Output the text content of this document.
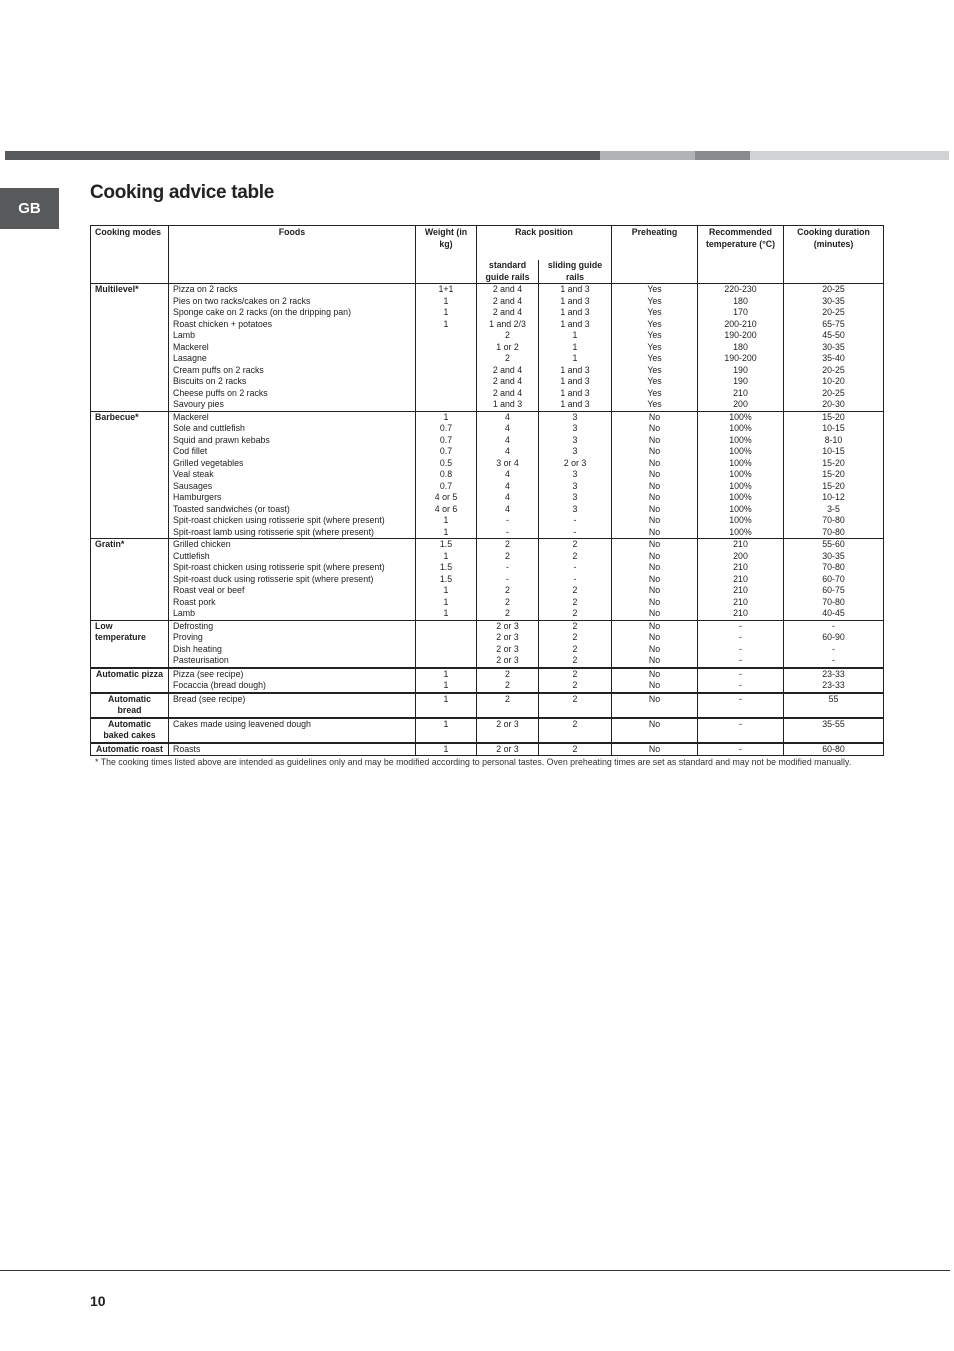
GB
Cooking advice table
Cooking modes	Foods	Weight (in kg)	Rack position		Preheating	Recommended temperature (°C)	Cooking duration (minutes)
			standard guide rails	sliding guide rails			
Multilevel*	Pizza on 2 racks	1+1	2 and 4	1 and 3	Yes	220-230	20-25
	Pies on two racks/cakes on 2 racks	1	2 and 4	1 and 3	Yes	180	30-35
	Sponge cake on 2 racks (on the dripping pan)	1	2 and 4	1 and 3	Yes	170	20-25
	Roast chicken + potatoes	1	1 and 2/3	1 and 3	Yes	200-210	65-75
	Lamb		2	1	Yes	190-200	45-50
	Mackerel		1 or 2	1	Yes	180	30-35
	Lasagne		2	1	Yes	190-200	35-40
	Cream puffs on 2 racks		2 and 4	1 and 3	Yes	190	20-25
	Biscuits on 2 racks		2 and 4	1 and 3	Yes	190	10-20
	Cheese puffs on 2 racks		2 and 4	1 and 3	Yes	210	20-25
	Savoury pies		1 and 3	1 and 3	Yes	200	20-30
Barbecue*	Mackerel	1	4	3	No	100%	15-20
	Sole and cuttlefish	0.7	4	3	No	100%	10-15
	Squid and prawn kebabs	0.7	4	3	No	100%	8-10
	Cod fillet	0.7	4	3	No	100%	10-15
	Grilled vegetables	0.5	3 or 4	2 or 3	No	100%	15-20
	Veal steak	0.8	4	3	No	100%	15-20
	Sausages	0.7	4	3	No	100%	15-20
	Hamburgers	4 or 5	4	3	No	100%	10-12
	Toasted sandwiches (or toast)	4 or 6	4	3	No	100%	3-5
	Spit-roast chicken using rotisserie spit (where present)	1	-	-	No	100%	70-80
	Spit-roast lamb using rotisserie spit (where present)	1	-	-	No	100%	70-80
Gratin*	Grilled chicken	1.5	2	2	No	210	55-60
	Cuttlefish	1	2	2	No	200	30-35
	Spit-roast chicken using rotisserie spit (where present)	1.5	-	-	No	210	70-80
	Spit-roast duck using rotisserie spit (where present)	1.5	-	-	No	210	60-70
	Roast veal or beef	1	2	2	No	210	60-75
	Roast pork	1	2	2	No	210	70-80
	Lamb	1	2	2	No	210	40-45
Low temperature	Defrosting		2 or 3	2	No	-	-
	Proving		2 or 3	2	No	-	60-90
	Dish heating		2 or 3	2	No	-	-
	Pasteurisation		2 or 3	2	No	-	-
Automatic pizza	Pizza (see recipe)	1	2	2	No	-	23-33
	Focaccia (bread dough)	1	2	2	No	-	23-33
Automatic bread	Bread (see recipe)	1	2	2	No	-	55
Automatic baked cakes	Cakes made using leavened dough	1	2 or 3	2	No	-	35-55
Automatic roast	Roasts	1	2 or 3	2	No	-	60-80
* The cooking times listed above are intended as guidelines only and may be modified according to personal tastes. Oven preheating times are set as standard and may not be modified manually.
10
